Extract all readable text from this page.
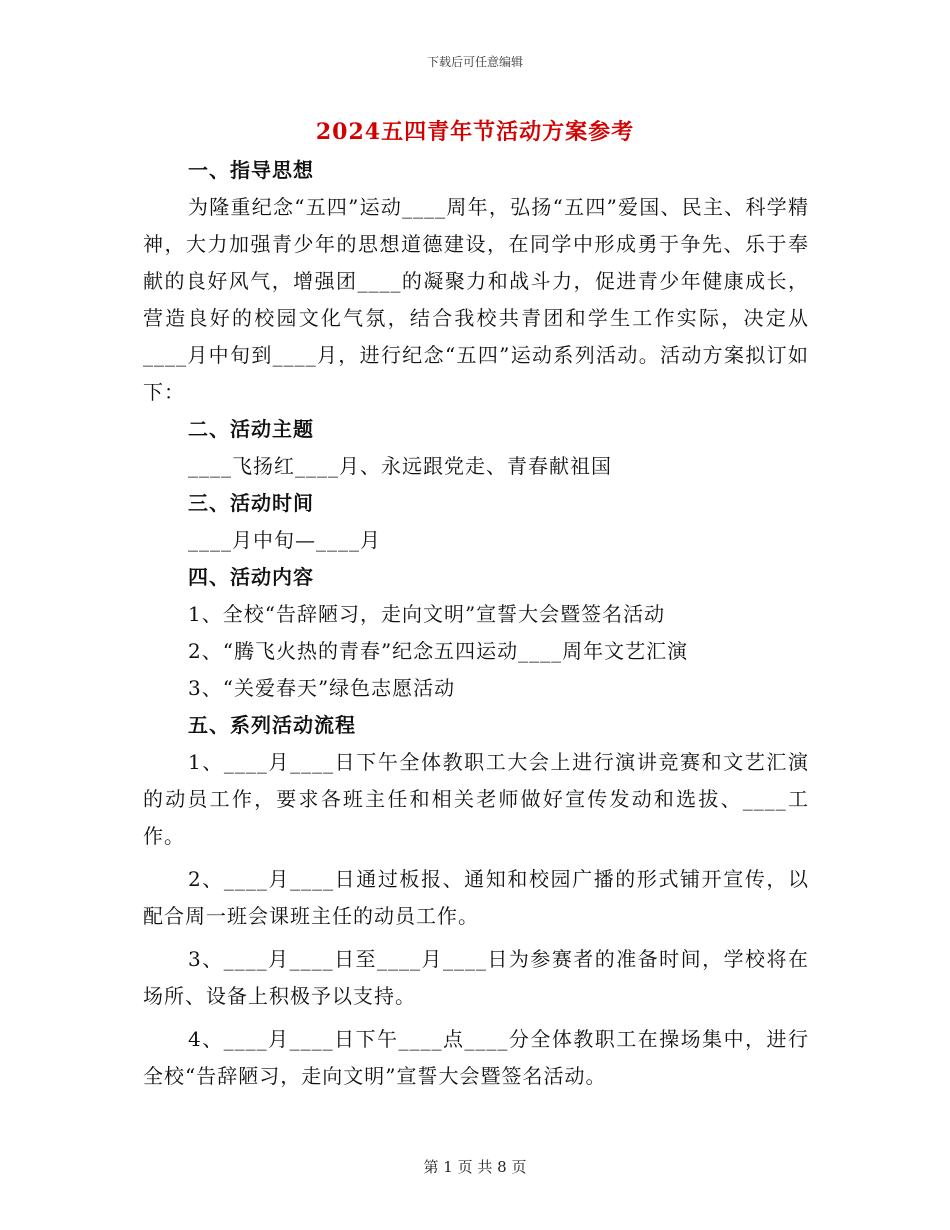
下载后可任意编辑
2024五四青年节活动方案参考

一、指导思想

为隆重纪念“五四”运动____周年，弘扬“五四”爱国、民主、科学精神，大力加强青少年的思想道德建设，在同学中形成勇于争先、乐于奉献的良好风气，增强团____的凝聚力和战斗力，促进青少年健康成长，营造良好的校园文化气氛，结合我校共青团和学生工作实际，决定从____月中旬到____月，进行纪念“五四”运动系列活动。活动方案拟订如下：

二、活动主题

____飞扬红____月、永远跟党走、青春献祖国

三、活动时间

____月中旬—____月

四、活动内容

1、全校“告辞陋习，走向文明”宣誓大会暨签名活动

2、“腾飞火热的青春”纪念五四运动____周年文艺汇演

3、“关爱春天”绿色志愿活动

五、系列活动流程

1、____月____日下午全体教职工大会上进行演讲竞赛和文艺汇演的动员工作，要求各班主任和相关老师做好宣传发动和选拔、____工作。

2、____月____日通过板报、通知和校园广播的形式铺开宣传，以配合周一班会课班主任的动员工作。

3、____月____日至____月____日为参赛者的准备时间，学校将在场所、设备上积极予以支持。

4、____月____日下午____点____分全体教职工在操场集中，进行全校“告辞陋习，走向文明”宣誓大会暨签名活动。

第 1 页 共 8 页
